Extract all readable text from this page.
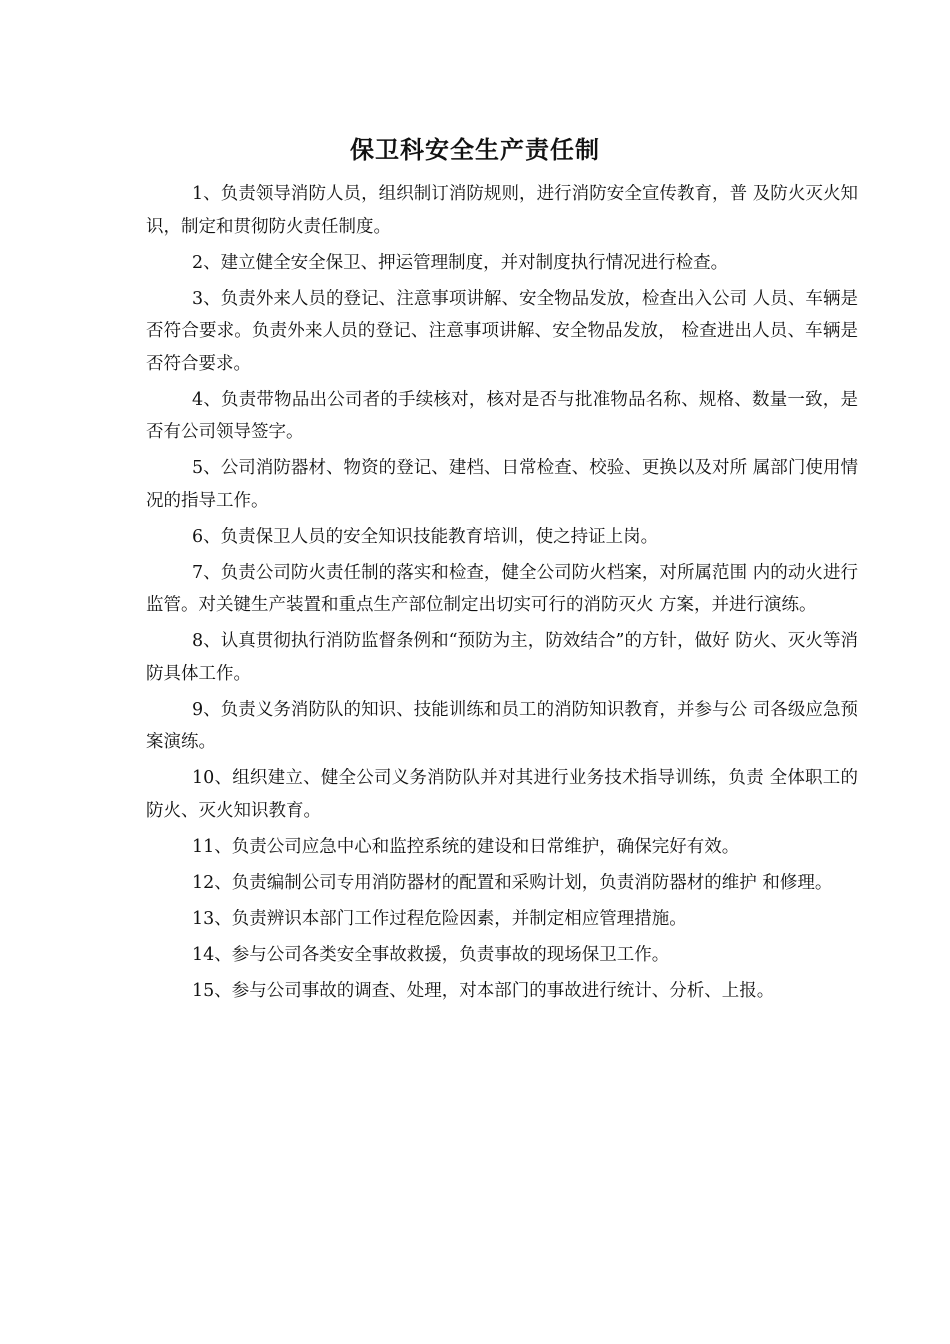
保卫科安全生产责任制

1、负责领导消防人员，组织制订消防规则，进行消防安全宣传教育，普 及防火灭火知识，制定和贯彻防火责任制度。

2、建立健全安全保卫、押运管理制度，并对制度执行情况进行检查。

3、负责外来人员的登记、注意事项讲解、安全物品发放，检查出入公司 人员、车辆是否符合要求。负责外来人员的登记、注意事项讲解、安全物品发放， 检查进出人员、车辆是否符合要求。

4、负责带物品出公司者的手续核对，核对是否与批准物品名称、规格、数量一致，是否有公司领导签字。

5、公司消防器材、物资的登记、建档、日常检查、校验、更换以及对所 属部门使用情况的指导工作。

6、负责保卫人员的安全知识技能教育培训，使之持证上岗。

7、负责公司防火责任制的落实和检查，健全公司防火档案，对所属范围 内的动火进行监管。对关键生产装置和重点生产部位制定出切实可行的消防灭火 方案，并进行演练。

8、认真贯彻执行消防监督条例和“预防为主，防效结合”的方针，做好 防火、灭火等消防具体工作。

9、负责义务消防队的知识、技能训练和员工的消防知识教育，并参与公 司各级应急预案演练。

10、组织建立、健全公司义务消防队并对其进行业务技术指导训练，负责 全体职工的防火、灭火知识教育。

11、负责公司应急中心和监控系统的建设和日常维护，确保完好有效。

12、负责编制公司专用消防器材的配置和采购计划，负责消防器材的维护 和修理。

13、负责辨识本部门工作过程危险因素，并制定相应管理措施。

14、参与公司各类安全事故救援，负责事故的现场保卫工作。

15、参与公司事故的调查、处理，对本部门的事故进行统计、分析、上报。
